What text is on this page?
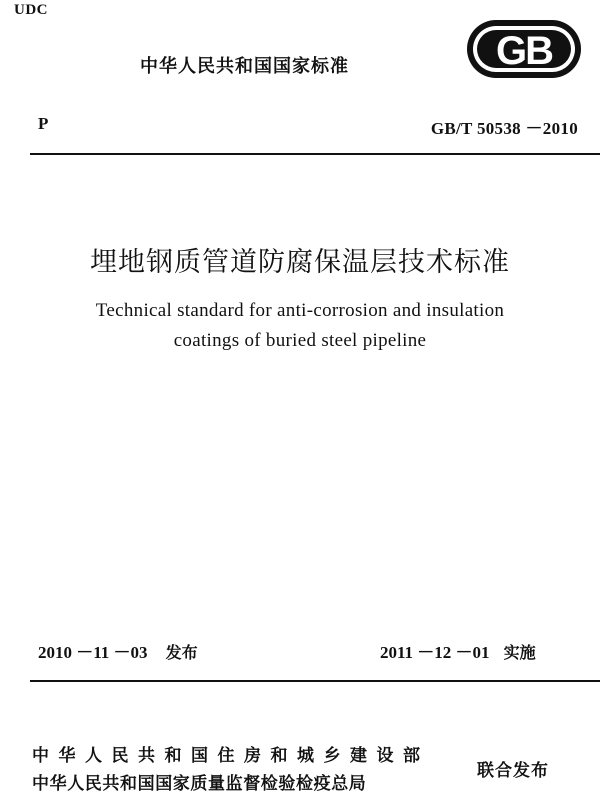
UDC
中华人民共和国国家标准	GB
P	GB/T 50538 －2010
埋地钢质管道防腐保温层技术标准
Technical standard for anti-corrosion and insulation
coatings of buried steel pipeline
2010 －11 －03 发布	2011 －12 －01 实施
中华人民共和国住房和城乡建设部
中华人民共和国国家质量监督检验检疫总局
联合发布
